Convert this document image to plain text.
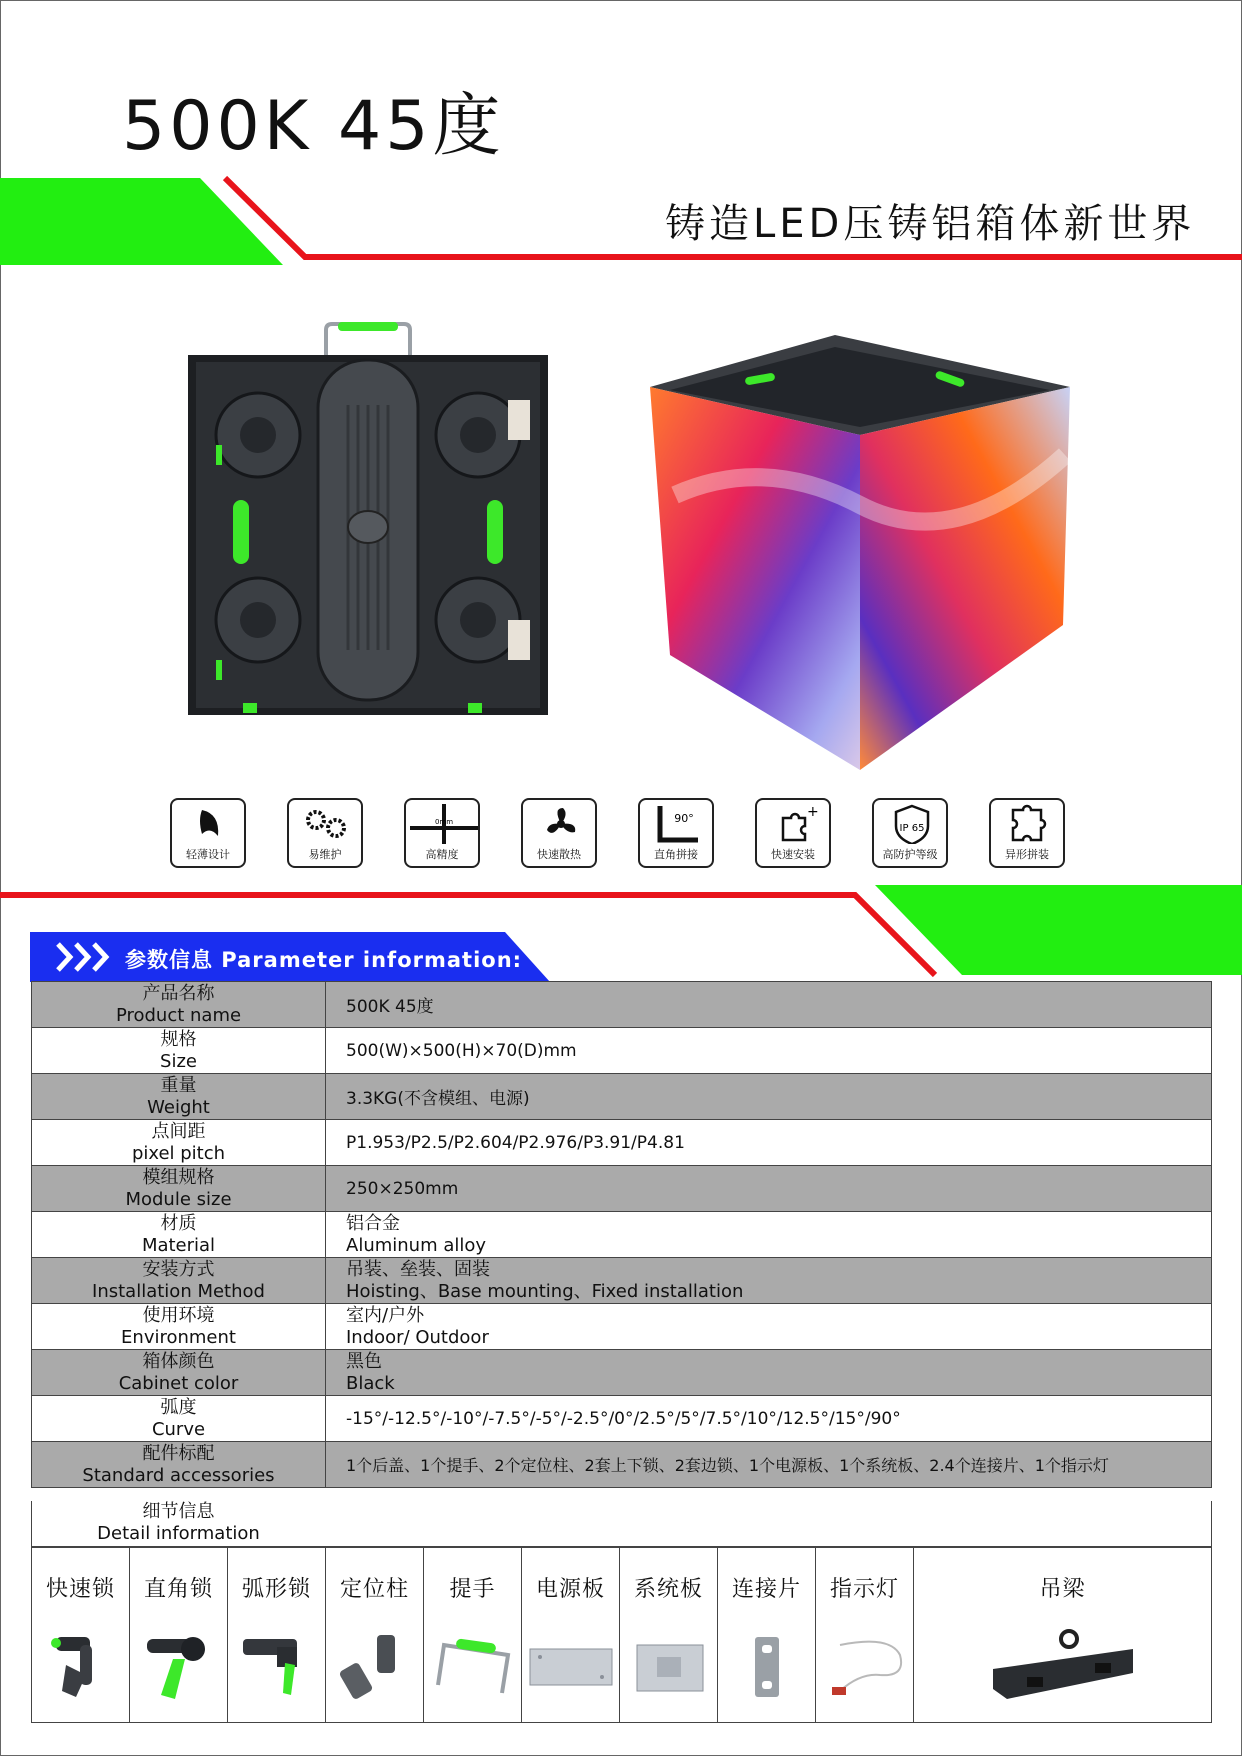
500K 45度
铸造LED压铸铝箱体新世界
轻薄设计	易维护
0mm
高精度	快速散热
90°
直角拼接
+
快速安装
IP 65
高防护等级	异形拼装
参数信息 Parameter information:
产品名称
Product name	500K 45度
规格
Size	500(W)×500(H)×70(D)mm
重量
Weight	3.3KG(不含模组、电源)
点间距
pixel pitch	P1.953/P2.5/P2.604/P2.976/P3.91/P4.81
模组规格
Module size	250×250mm
材质
Material	铝合金
Aluminum alloy
安装方式
Installation Method	吊装、垒装、固装
Hoisting、Base mounting、Fixed installation
使用环境
Environment	室内/户外
Indoor/ Outdoor
箱体颜色
Cabinet color	黑色
Black
弧度
Curve	-15°/-12.5°/-10°/-7.5°/-5°/-2.5°/0°/2.5°/5°/7.5°/10°/12.5°/15°/90°
配件标配
Standard accessories	1个后盖、1个提手、2个定位柱、2套上下锁、2套边锁、1个电源板、1个系统板、2.4个连接片、1个指示灯
细节信息
Detail information
快速锁	直角锁	弧形锁	定位柱	提手	电源板	系统板	连接片	指示灯	吊梁
